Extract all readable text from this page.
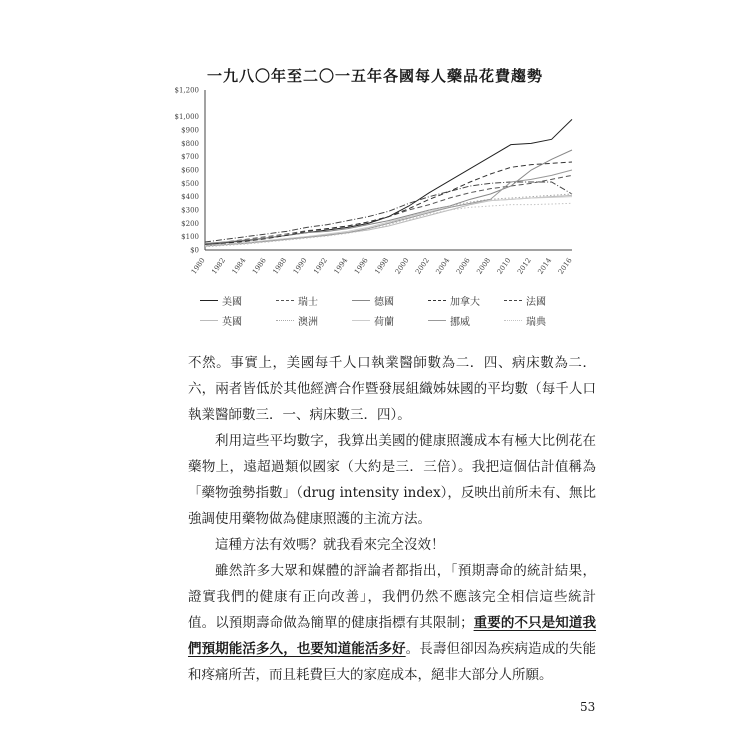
一九八〇年至二〇一五年各國每人藥品花費趨勢
$0
$100
$200
$300
$400
$500
$600
$700
$800
$900
$1,000
$1,200
1980 1982 1984 1986 1988 1990 1992 1994 1996 1998 2000 2002 2004 2006 2008 2010 2012 2014 2016
美國	瑞士	德國	加拿大	法國
英國	澳洲	荷蘭	挪威	瑞典

不然。事實上，美國每千人口執業醫師數為二．四、病床數為二．六，兩者皆低於其他經濟合作暨發展組織姊妹國的平均數（每千人口執業醫師數三．一、病床數三．四）。

利用這些平均數字，我算出美國的健康照護成本有極大比例花在藥物上，遠超過類似國家（大約是三．三倍）。我把這個估計值稱為「藥物強勢指數」（drug intensity index），反映出前所未有、無比強調使用藥物做為健康照護的主流方法。

這種方法有效嗎？就我看來完全沒效！

雖然許多大眾和媒體的評論者都指出，「預期壽命的統計結果，證實我們的健康有正向改善」，我們仍然不應該完全相信這些統計值。以預期壽命做為簡單的健康指標有其限制；重要的不只是知道我們預期能活多久，也要知道能活多好。長壽但卻因為疾病造成的失能和疼痛所苦，而且耗費巨大的家庭成本，絕非大部分人所願。

53
